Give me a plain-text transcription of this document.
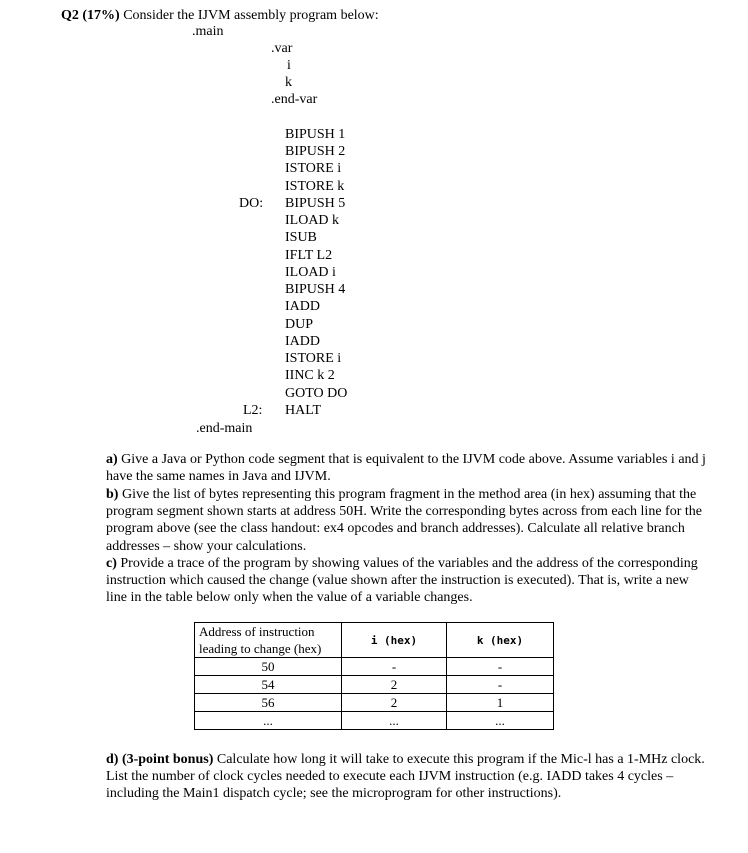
Q2 (17%) Consider the IJVM assembly program below:
.main
.var
i
k
.end-var
DO:
L2:
BIPUSH 1
BIPUSH 2
ISTORE i
ISTORE k
BIPUSH 5
ILOAD k
ISUB
IFLT L2
ILOAD i
BIPUSH 4
IADD
DUP
IADD
ISTORE i
IINC k 2
GOTO DO
HALT
.end-main
a) Give a Java or Python code segment that is equivalent to the IJVM code above. Assume variables i and j have the same names in Java and IJVM.
b) Give the list of bytes representing this program fragment in the method area (in hex) assuming that the program segment shown starts at address 50H. Write the corresponding bytes across from each line for the program above (see the class handout: ex4 opcodes and branch addresses). Calculate all relative branch addresses – show your calculations.
c) Provide a trace of the program by showing values of the variables and the address of the corresponding instruction which caused the change (value shown after the instruction is executed). That is, write a new line in the table below only when the value of a variable changes.
Address of instruction	i (hex)	k (hex)
leading to change (hex)		
50	-	-
54	2	-
56	2	1
...	...	...
d) (3-point bonus) Calculate how long it will take to execute this program if the Mic-l has a 1-MHz clock. List the number of clock cycles needed to execute each IJVM instruction (e.g. IADD takes 4 cycles – including the Main1 dispatch cycle; see the microprogram for other instructions).
